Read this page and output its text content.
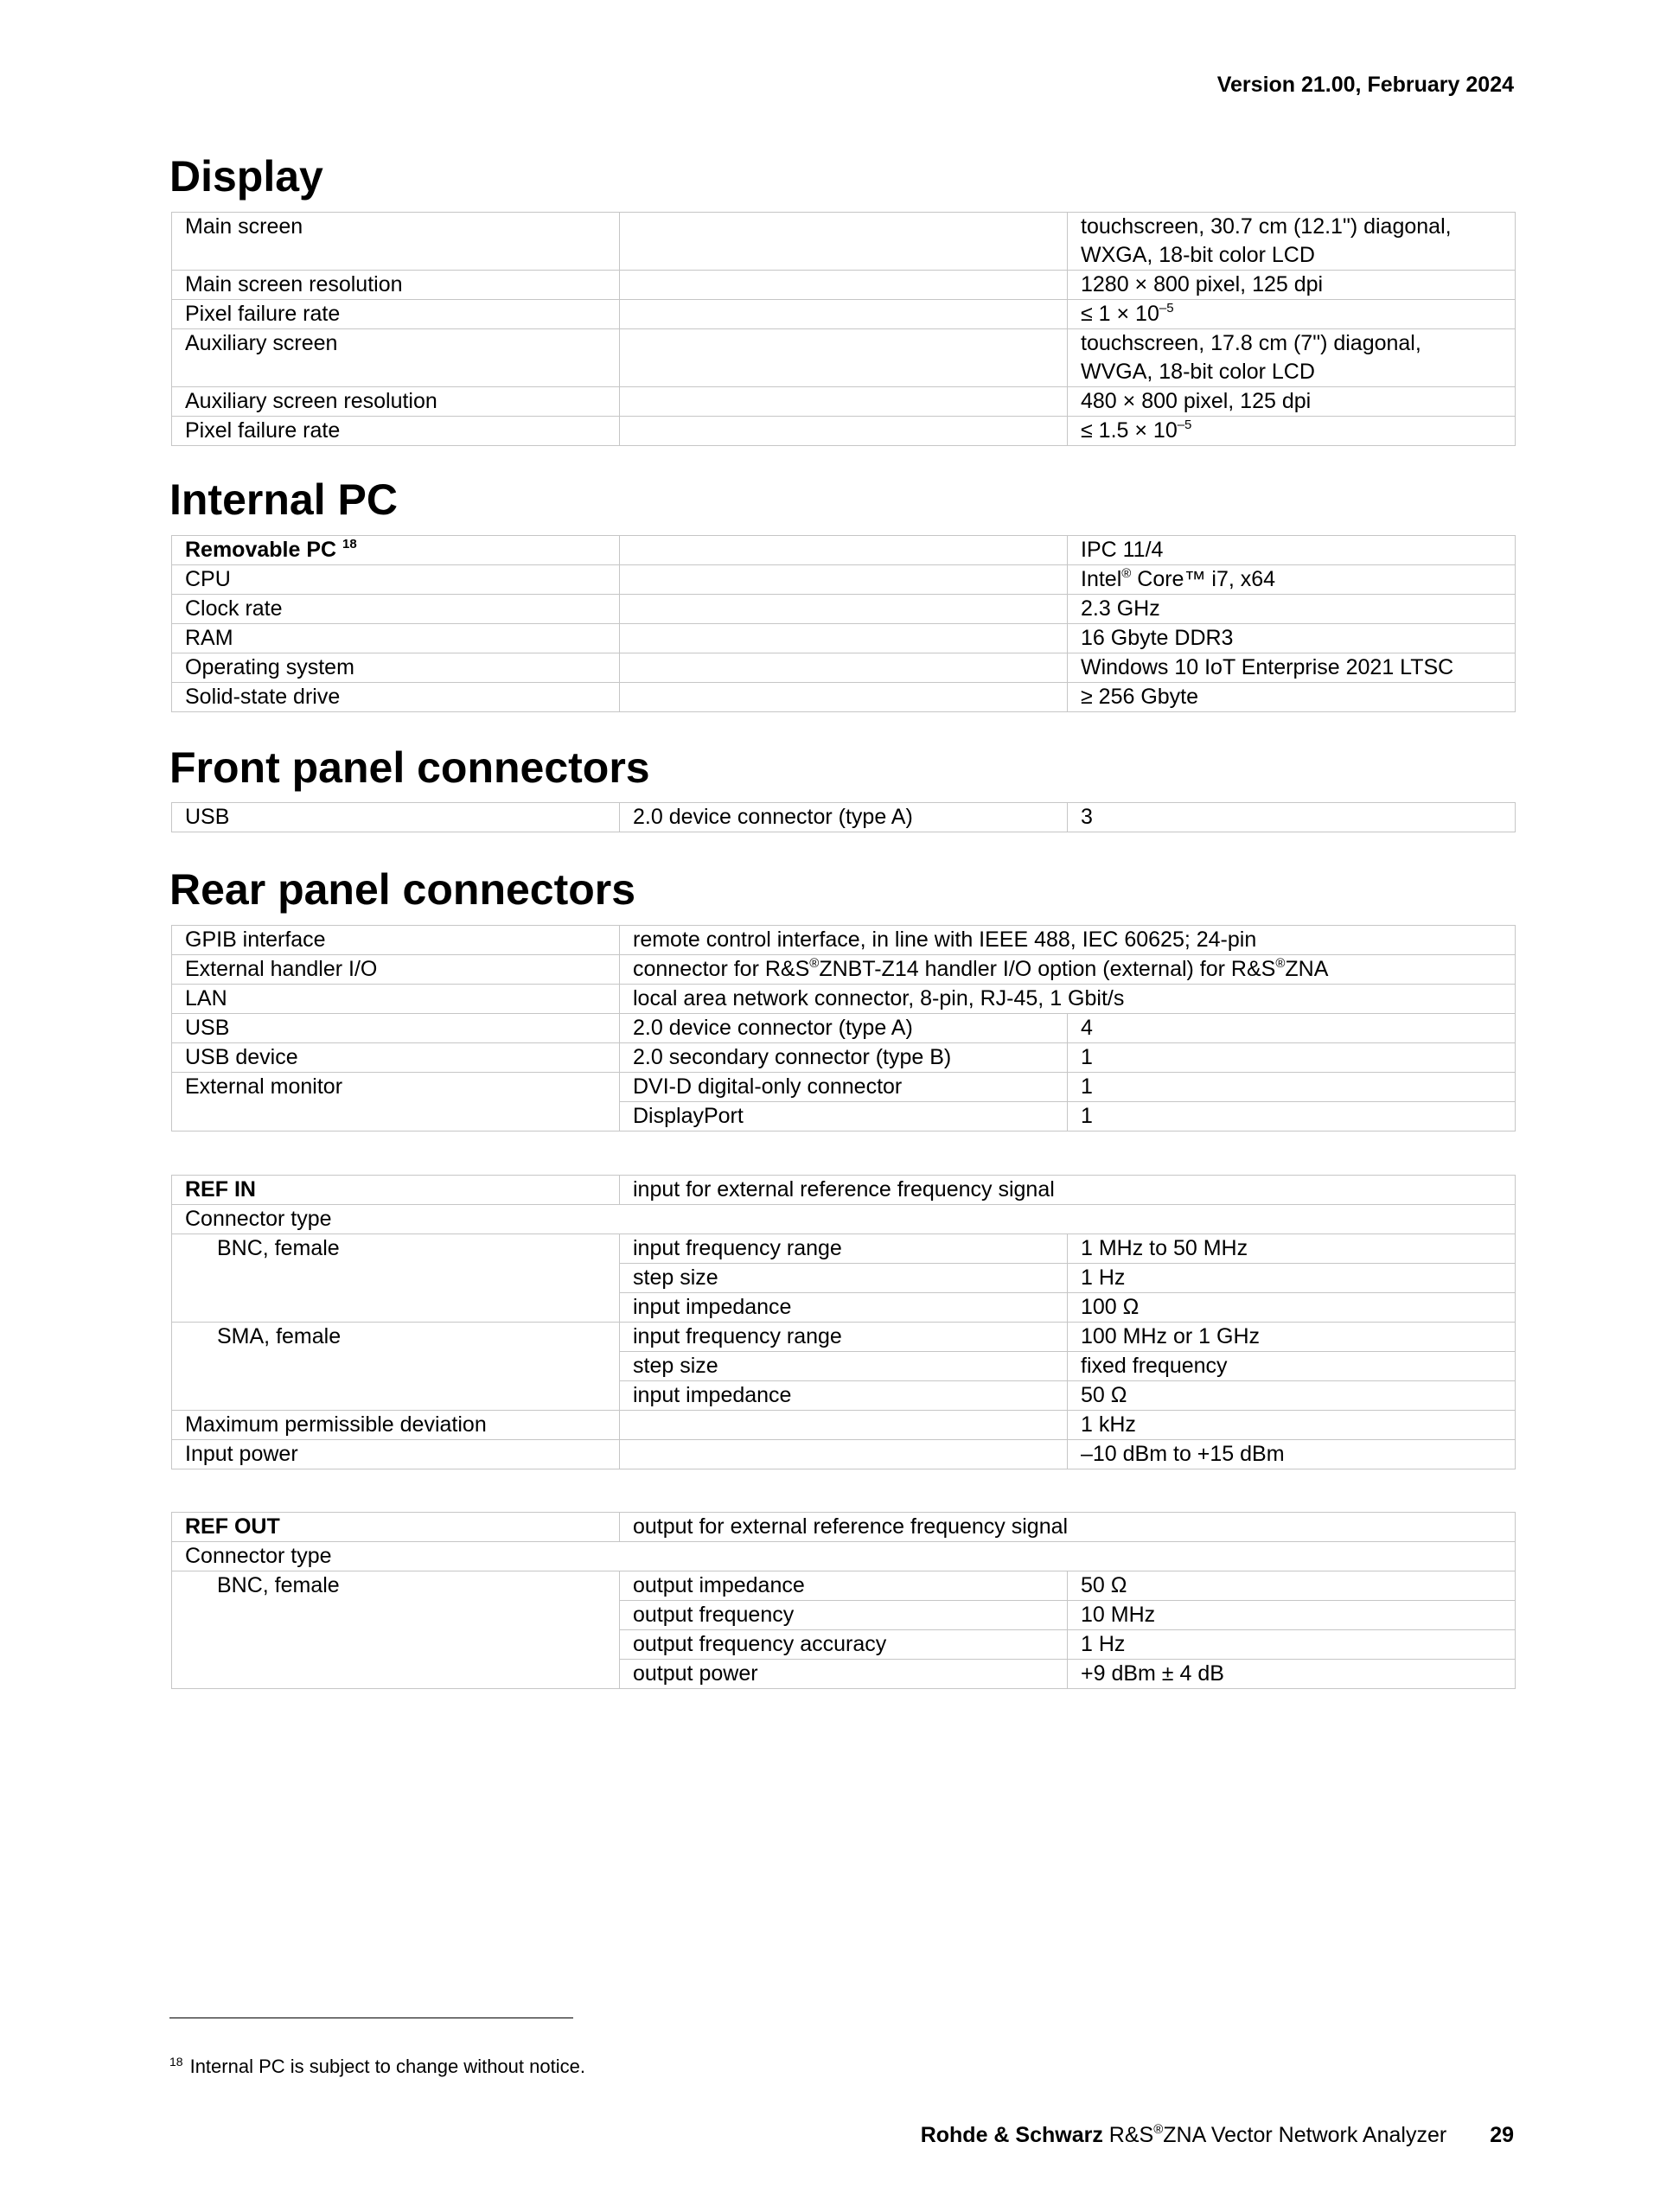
Version 21.00, February 2024
Display
Main screen		touchscreen, 30.7 cm (12.1") diagonal,
WXGA, 18-bit color LCD
Main screen resolution		1280 × 800 pixel, 125 dpi
Pixel failure rate		≤ $1 \times 10^{-5}$
Auxiliary screen		touchscreen, 17.8 cm (7") diagonal,
WVGA, 18-bit color LCD
Auxiliary screen resolution		480 × 800 pixel, 125 dpi
Pixel failure rate		≤ $1.5 \times 10^{-5}$
Internal PC
Removable PC $^{18}$		IPC 11/4
CPU		Intel® Core™ i7, x64
Clock rate		2.3 GHz
RAM		16 Gbyte DDR3
Operating system		Windows 10 IoT Enterprise 2021 LTSC
Solid-state drive		≥ 256 Gbyte
Front panel connectors
USB	2.0 device connector (type A)	3
Rear panel connectors
GPIB interface	remote control interface, in line with IEEE 488, IEC 60625; 24-pin	
External handler I/O	connector for R&S®ZNBT-Z14 handler I/O option (external) for R&S®ZNA	
LAN	local area network connector, 8-pin, RJ-45, 1 Gbit/s	
USB	2.0 device connector (type A)	4
USB device	2.0 secondary connector (type B)	1
External monitor	DVI-D digital-only connector	1
	DisplayPort	1
REF IN	input for external reference frequency signal	
Connector type		
BNC, female	input frequency range	1 MHz to 50 MHz
	step size	1 Hz
	input impedance	100 Ω
SMA, female	input frequency range	100 MHz or 1 GHz
	step size	fixed frequency
	input impedance	50 Ω
Maximum permissible deviation		1 kHz
Input power		–10 dBm to +15 dBm
REF OUT	output for external reference frequency signal	
Connector type		
BNC, female	output impedance	50 Ω
	output frequency	10 MHz
	output frequency accuracy	1 Hz
	output power	+9 dBm ± 4 dB
$^{18}$ Internal PC is subject to change without notice.
Rohde & Schwarz R&S®ZNA Vector Network Analyzer 29
